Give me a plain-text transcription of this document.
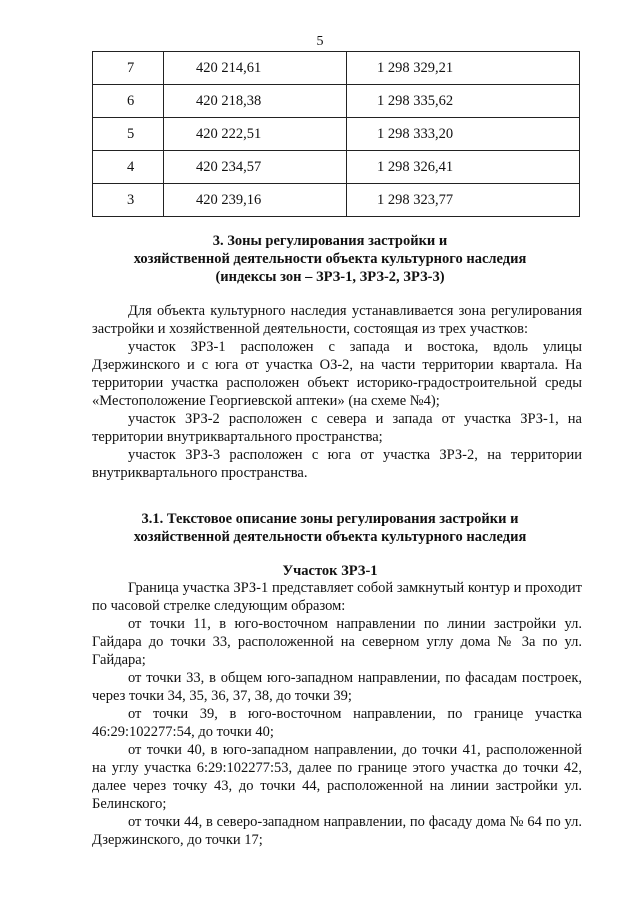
5
7	420 214,61	1 298 329,21
6	420 218,38	1 298 335,62
5	420 222,51	1 298 333,20
4	420 234,57	1 298 326,41
3	420 239,16	1 298 323,77
3. Зоны регулирования застройки и
хозяйственной деятельности объекта культурного наследия
(индексы зон – ЗРЗ-1, ЗРЗ-2, ЗРЗ-3)

Для объекта культурного наследия устанавливается зона регулирования застройки и хозяйственной деятельности, состоящая из трех участков:

участок ЗРЗ-1 расположен с запада и востока, вдоль улицы Дзержинского и с юга от участка ОЗ-2, на части территории квартала. На территории участка расположен объект историко-градостроительной среды «Местоположение Георгиевской аптеки» (на схеме №4);

участок ЗРЗ-2 расположен с севера и запада от участка ЗРЗ-1, на территории внутриквартального пространства;

участок ЗРЗ-3 расположен с юга от участка ЗРЗ-2, на территории внутриквартального пространства.

3.1. Текстовое описание зоны регулирования застройки и
хозяйственной деятельности объекта культурного наследия
Участок ЗРЗ-1

Граница участка ЗРЗ-1 представляет собой замкнутый контур и проходит по часовой стрелке следующим образом:

от точки 11, в юго-восточном направлении по линии застройки ул. Гайдара до точки 33, расположенной на северном углу дома № 3а по ул. Гайдара;

от точки 33, в общем юго-западном направлении, по фасадам построек, через точки 34, 35, 36, 37, 38, до точки 39;

от точки 39, в юго-восточном направлении, по границе участка 46:29:102277:54, до точки 40;

от точки 40, в юго-западном направлении, до точки 41, расположенной на углу участка 6:29:102277:53, далее по границе этого участка до точки 42, далее через точку 43, до точки 44, расположенной на линии застройки ул. Белинского;

от точки 44, в северо-западном направлении, по фасаду дома № 64 по ул. Дзержинского, до точки 17;
